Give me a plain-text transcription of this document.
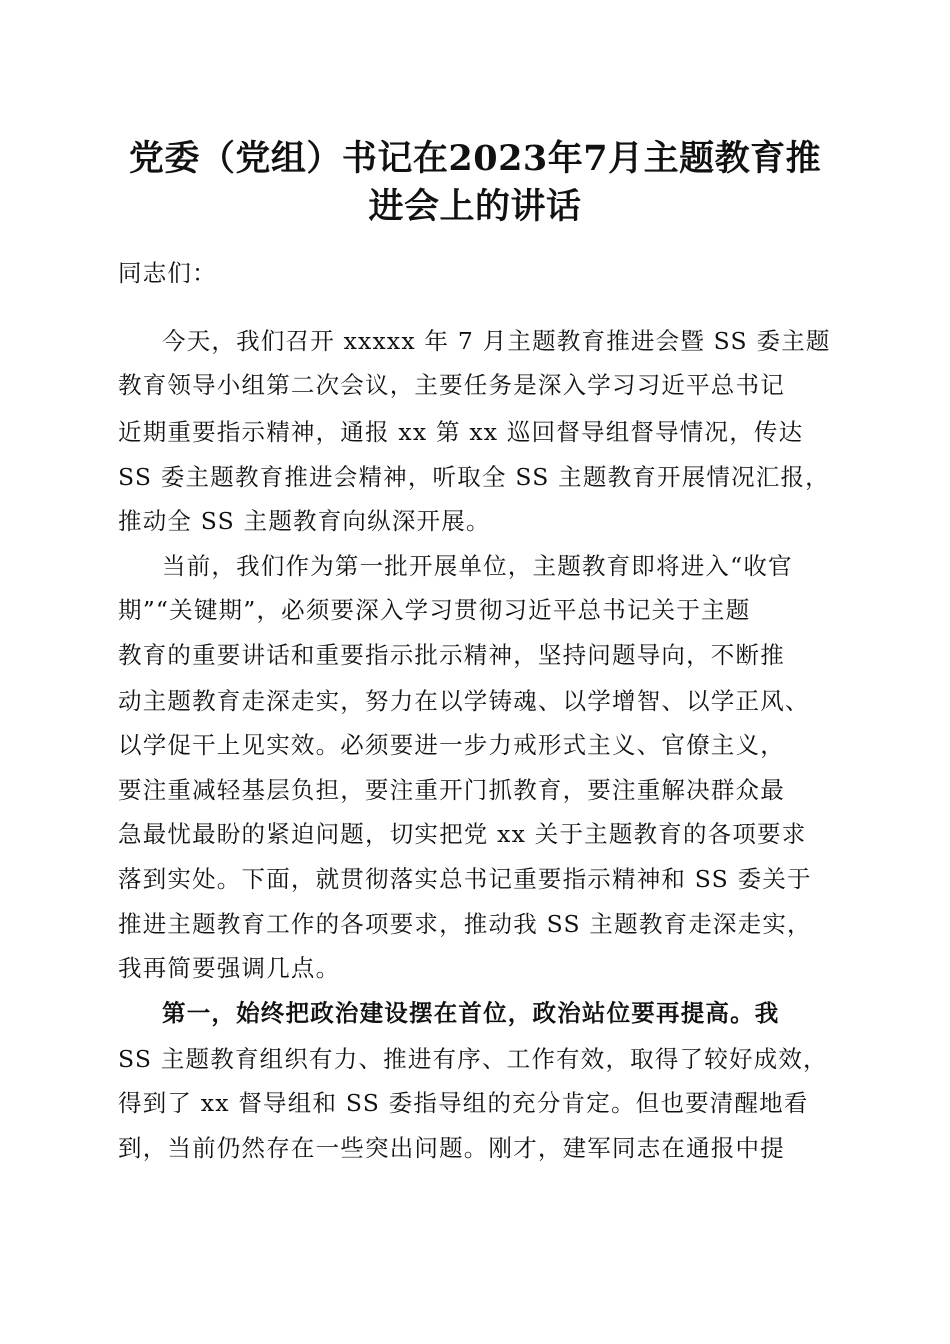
党委（党组）书记在2023年7月主题教育推
进会上的讲话
同志们：
今天，我们召开 xxxxx 年 7 月主题教育推进会暨 SS 委主题
教育领导小组第二次会议，主要任务是深入学习习近平总书记
近期重要指示精神，通报 xx 第 xx 巡回督导组督导情况，传达
SS 委主题教育推进会精神，听取全 SS 主题教育开展情况汇报，
推动全 SS 主题教育向纵深开展。
当前，我们作为第一批开展单位，主题教育即将进入“收官
期”“关键期”，必须要深入学习贯彻习近平总书记关于主题
教育的重要讲话和重要指示批示精神，坚持问题导向，不断推
动主题教育走深走实，努力在以学铸魂、以学增智、以学正风、
以学促干上见实效。必须要进一步力戒形式主义、官僚主义，
要注重减轻基层负担，要注重开门抓教育，要注重解决群众最
急最忧最盼的紧迫问题，切实把党 xx 关于主题教育的各项要求
落到实处。下面，就贯彻落实总书记重要指示精神和 SS 委关于
推进主题教育工作的各项要求，推动我 SS 主题教育走深走实，
我再简要强调几点。
第一，始终把政治建设摆在首位，政治站位要再提高。我
SS 主题教育组织有力、推进有序、工作有效，取得了较好成效，
得到了 xx 督导组和 SS 委指导组的充分肯定。但也要清醒地看
到，当前仍然存在一些突出问题。刚才，建军同志在通报中提
